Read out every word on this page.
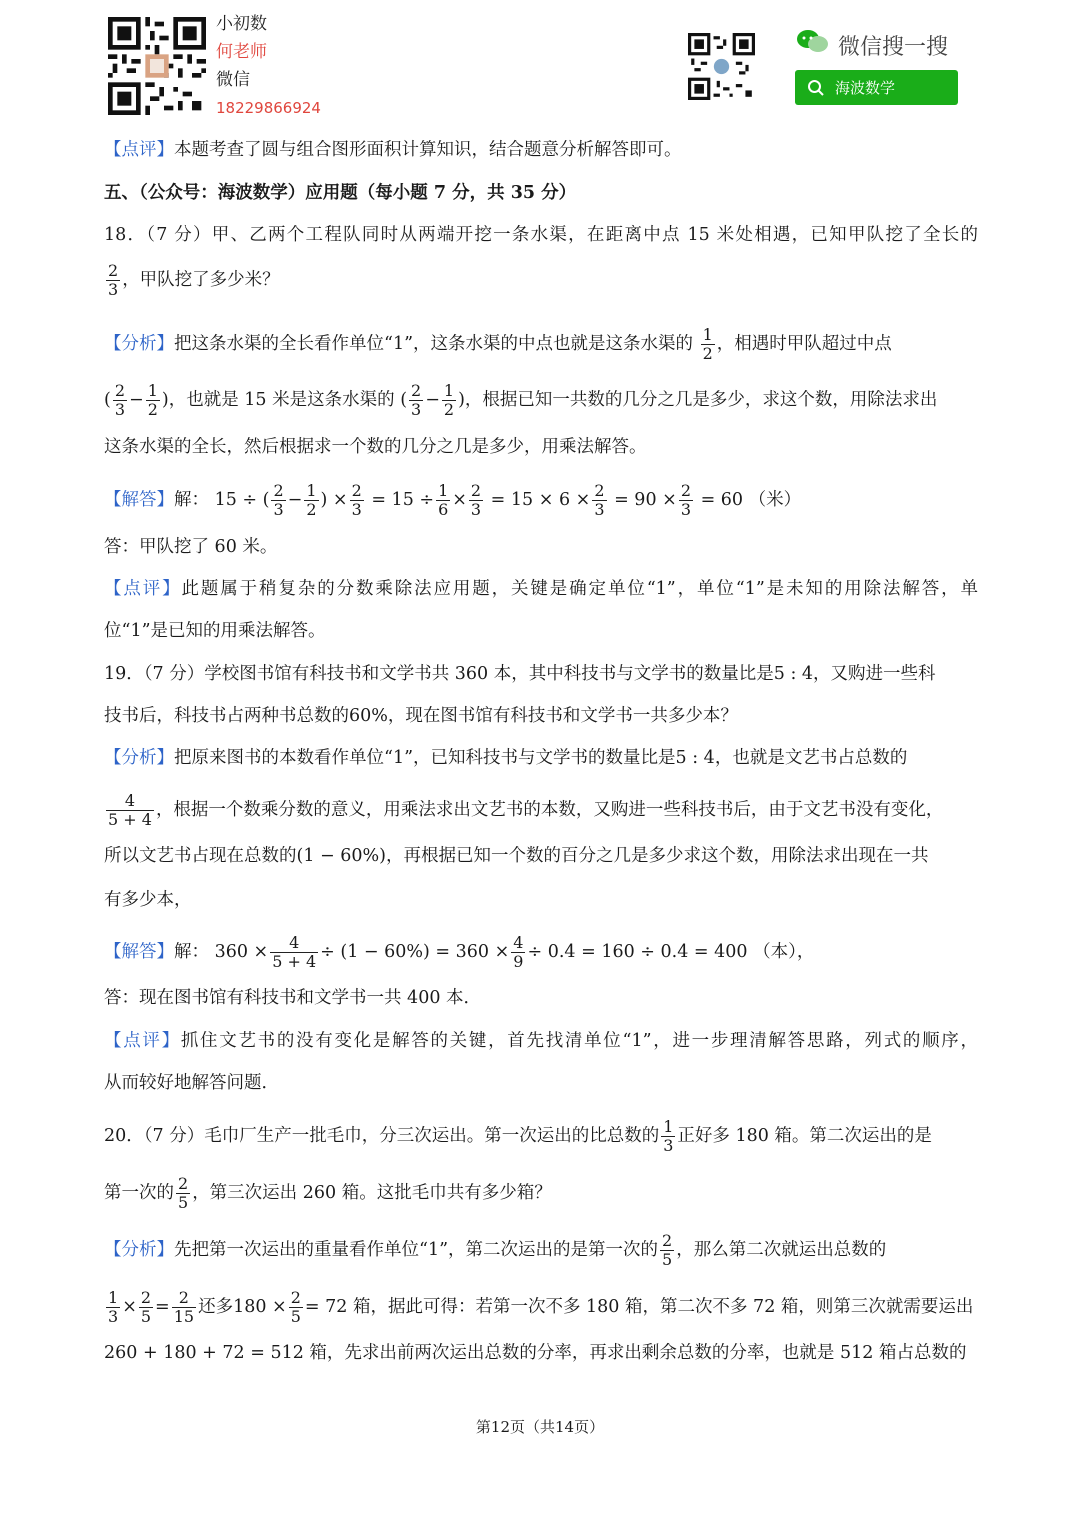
小初数
何老师
微信
18229866924
微信搜一搜
海波数学
【点评】本题考查了圆与组合图形面积计算知识，结合题意分析解答即可。
五、（公众号：海波数学）应用题（每小题 7 分，共 35 分）
18．（7 分）甲、乙两个工程队同时从两端开挖一条水渠，在距离中点 15 米处相遇，已知甲队挖了全长的
$\frac{2}{3}$ ，甲队挖了多少米？
【分析】把这条水渠的全长看作单位“1”，这条水渠的中点也就是这条水渠的 $\frac{1}{2}$ ，相遇时甲队超过中点
( $\frac{2}{3} - \frac{1}{2}$ )，也就是 15 米是这条水渠的 ( $\frac{2}{3} - \frac{1}{2}$ )，根据已知一共数的几分之几是多少，求这个数，用除法求出
这条水渠的全长，然后根据求一个数的几分之几是多少，用乘法解答。
【解答】解： 15 ÷ ( $\frac{2}{3} - \frac{1}{2}$ ) × $\frac{2}{3} = 15 \div \frac{1}{6} \times \frac{2}{3} = 15 \times 6 \times \frac{2}{3} = 90 \times \frac{2}{3} = 60$ （米）
答：甲队挖了 60 米。
【点评】此题属于稍复杂的分数乘除法应用题，关键是确定单位“1”，单位“1”是未知的用除法解答，单
位“1”是已知的用乘法解答。
19．（7 分）学校图书馆有科技书和文学书共 360 本，其中科技书与文学书的数量比是5 : 4，又购进一些科
技书后，科技书占两种书总数的60%，现在图书馆有科技书和文学书一共多少本？
【分析】把原来图书的本数看作单位“1”，已知科技书与文学书的数量比是5 : 4，也就是文艺书占总数的
$\frac{4}{5 + 4}$ ，根据一个数乘分数的意义，用乘法求出文艺书的本数，又购进一些科技书后，由于文艺书没有变化，
所以文艺书占现在总数的(1 − 60%)，再根据已知一个数的百分之几是多少求这个数，用除法求出现在一共
有多少本，
【解答】解： $360 \times \frac{4}{5 + 4} \div (1 - 60\%) = 360 \times \frac{4}{9} \div 0.4 = 160 \div 0.4 = 400$ （本），
答：现在图书馆有科技书和文学书一共 400 本．
【点评】抓住文艺书的没有变化是解答的关键，首先找清单位“1”，进一步理清解答思路，列式的顺序，
从而较好地解答问题．
20．（7 分）毛巾厂生产一批毛巾，分三次运出。第一次运出的比总数的 $\frac{1}{3}$ 正好多 180 箱。第二次运出的是
第一次的 $\frac{2}{5}$ ，第三次运出 260 箱。这批毛巾共有多少箱？
【分析】先把第一次运出的重量看作单位“1”，第二次运出的是第一次的 $\frac{2}{5}$ ，那么第二次就运出总数的
$\frac{1}{3} \times \frac{2}{5} = \frac{2}{15}$ 还多$180 \times \frac{2}{5} = 72$ 箱，据此可得：若第一次不多 180 箱，第二次不多 72 箱，则第三次就需要运出
260 + 180 + 72 = 512 箱，先求出前两次运出总数的分率，再求出剩余总数的分率，也就是 512 箱占总数的
第12页（共14页）
